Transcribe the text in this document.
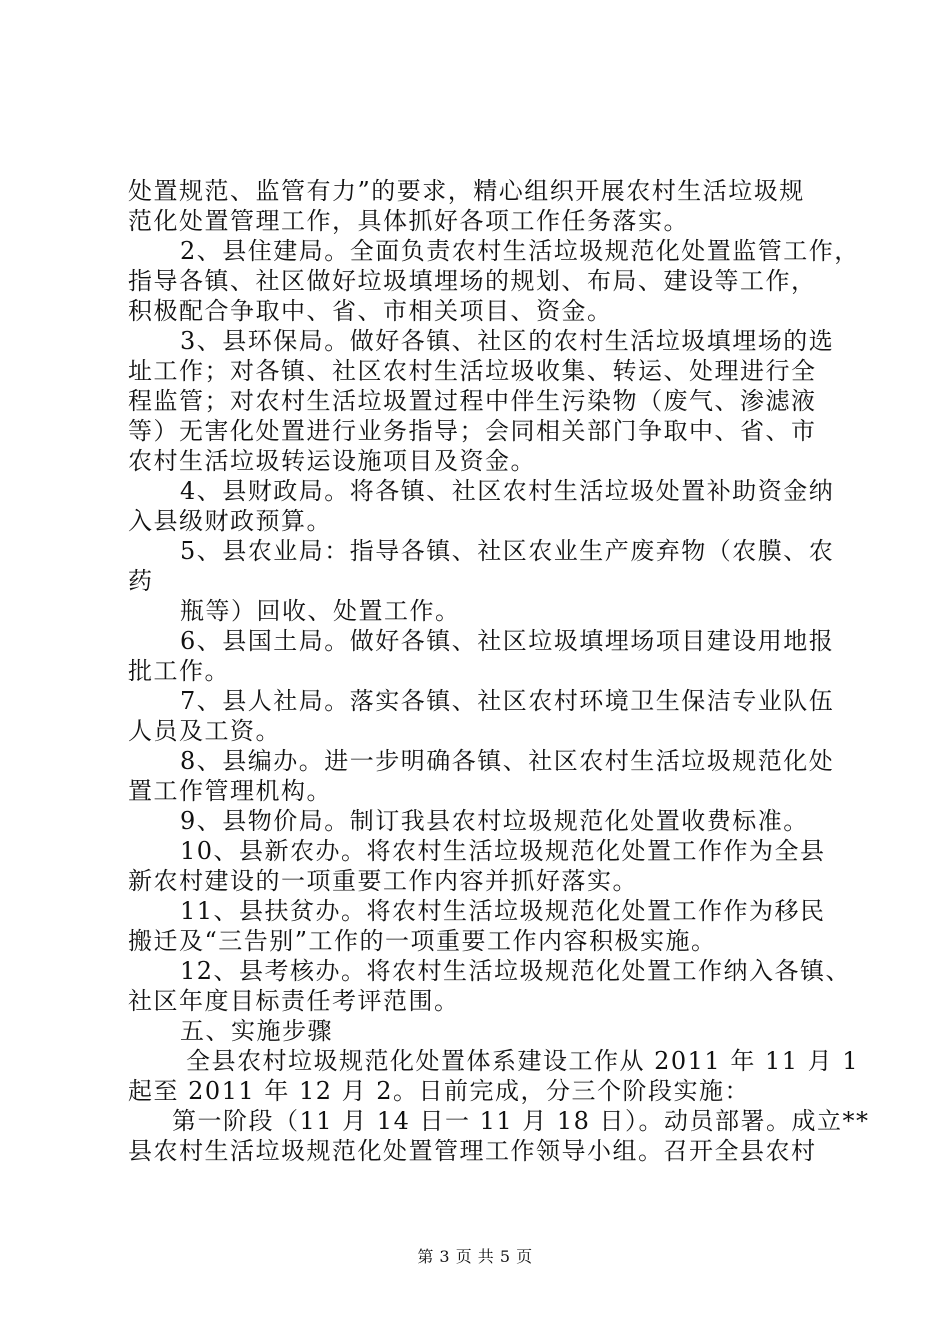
处置规范、监管有力”的要求，精心组织开展农村生活垃圾规
范化处置管理工作，具体抓好各项工作任务落实。
2、县住建局。全面负责农村生活垃圾规范化处置监管工作，
指导各镇、社区做好垃圾填埋场的规划、布局、建设等工作，
积极配合争取中、省、市相关项目、资金。
3、县环保局。做好各镇、社区的农村生活垃圾填埋场的选
址工作；对各镇、社区农村生活垃圾收集、转运、处理进行全
程监管；对农村生活垃圾置过程中伴生污染物（废气、渗滤液
等）无害化处置进行业务指导；会同相关部门争取中、省、市
农村生活垃圾转运设施项目及资金。
4、县财政局。将各镇、社区农村生活垃圾处置补助资金纳
入县级财政预算。
5、县农业局：指导各镇、社区农业生产废弃物（农膜、农
药
瓶等）回收、处置工作。
6、县国土局。做好各镇、社区垃圾填埋场项目建设用地报
批工作。
7、县人社局。落实各镇、社区农村环境卫生保洁专业队伍
人员及工资。
8、县编办。进一步明确各镇、社区农村生活垃圾规范化处
置工作管理机构。
9、县物价局。制订我县农村垃圾规范化处置收费标准。
10、县新农办。将农村生活垃圾规范化处置工作作为全县
新农村建设的一项重要工作内容并抓好落实。
11、县扶贫办。将农村生活垃圾规范化处置工作作为移民
搬迁及“三告别”工作的一项重要工作内容积极实施。
12、县考核办。将农村生活垃圾规范化处置工作纳入各镇、
社区年度目标责任考评范围。
五、实施步骤
全县农村垃圾规范化处置体系建设工作从 2011 年 11 月 1
起至 2011 年 12 月 2。日前完成，分三个阶段实施：
第一阶段（11 月 14 日一 11 月 18 日）。动员部署。成立**
县农村生活垃圾规范化处置管理工作领导小组。召开全县农村
第 3 页 共 5 页
